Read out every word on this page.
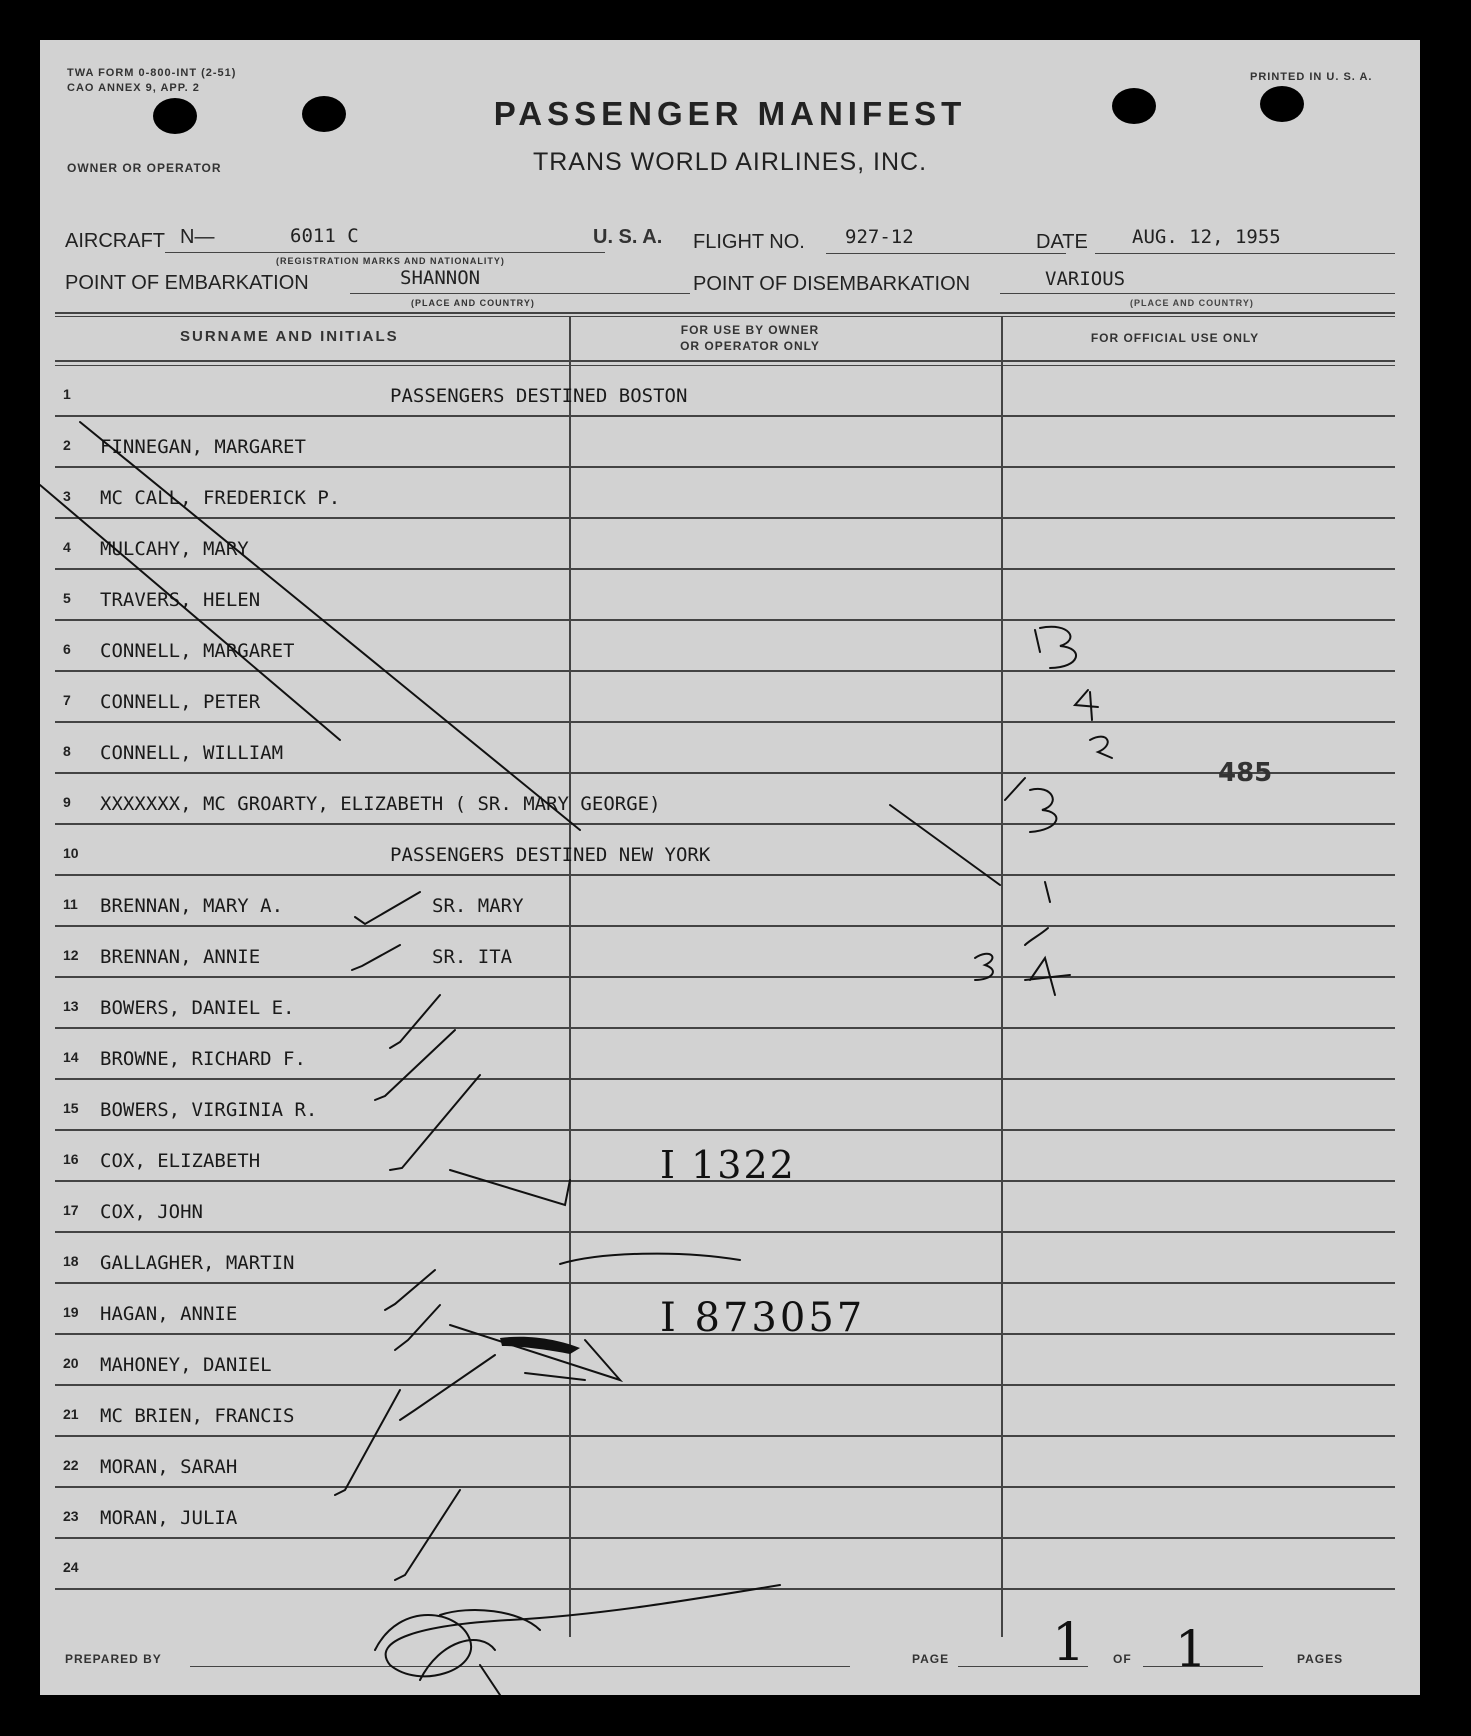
TWA FORM 0-800-INT (2-51)
CAO ANNEX 9, APP. 2
PRINTED IN U. S. A.
OWNER OR OPERATOR
PASSENGER MANIFEST
TRANS WORLD AIRLINES, INC.
AIRCRAFT N—	6011 C
(REGISTRATION MARKS AND NATIONALITY)
U. S. A. FLIGHT NO. 927-12	DATE AUG. 12, 1955
POINT OF EMBARKATION	SHANNON
(PLACE AND COUNTRY)
POINT OF DISEMBARKATION	VARIOUS
(PLACE AND COUNTRY)
SURNAME AND INITIALS	FOR USE BY OWNER
OR OPERATOR ONLY
FOR OFFICIAL USE ONLY
1	PASSENGERS DESTINED BOSTON
2 FINNEGAN, MARGARET
3 MC CALL, FREDERICK P.
4 MULCAHY, MARY
5 TRAVERS, HELEN
6 CONNELL, MARGARET
7 CONNELL, PETER
8 CONNELL, WILLIAM
9 XXXXXXX, MC GROARTY, ELIZABETH ( SR. MARY GEORGE)
10	PASSENGERS DESTINED NEW YORK
11 BRENNAN, MARY A.	SR. MARY
12 BRENNAN, ANNIE	SR. ITA
13 BOWERS, DANIEL E.
14 BROWNE, RICHARD F.
15 BOWERS, VIRGINIA R.
16 COX, ELIZABETH
17 COX, JOHN
18 GALLAGHER, MARTIN
19 HAGAN, ANNIE
20 MAHONEY, DANIEL
21 MC BRIEN, FRANCIS
22 MORAN, SARAH
23 MORAN, JULIA
24
PREPARED BY	PAGE	OF	PAGES
I 1322
I 873057
485
1 1
